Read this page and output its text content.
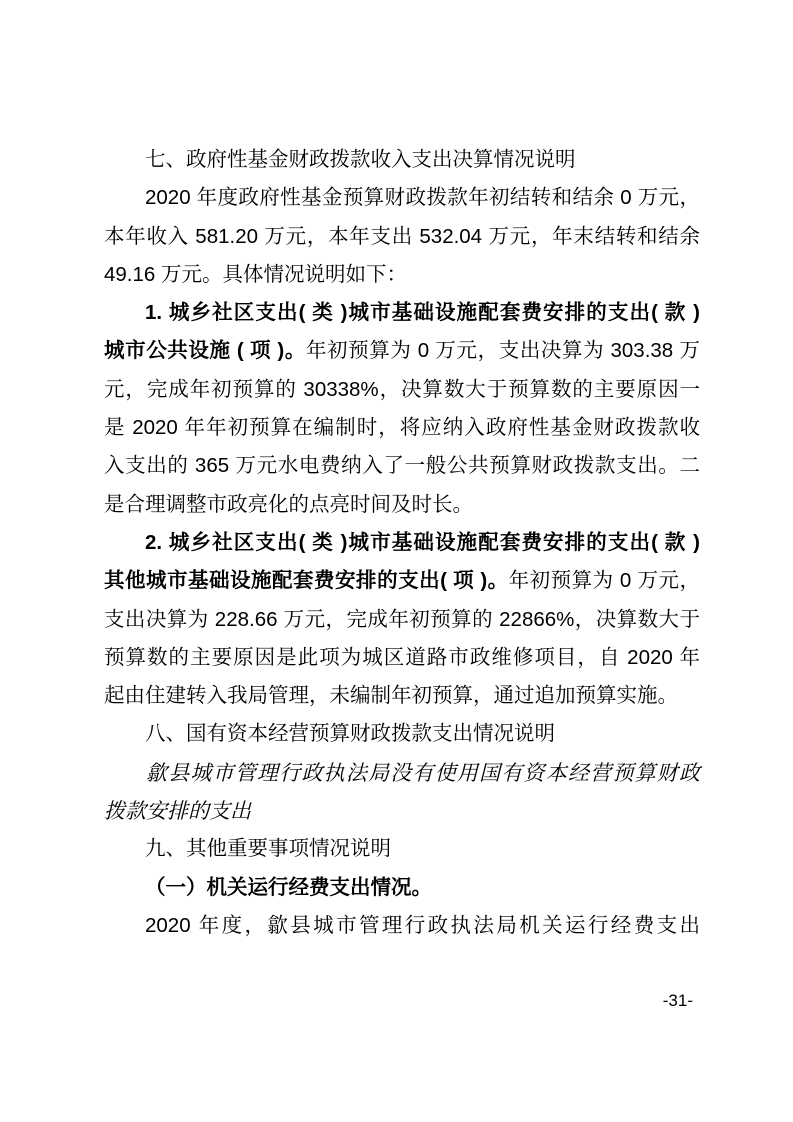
七、政府性基金财政拨款收入支出决算情况说明
2020 年度政府性基金预算财政拨款年初结转和结余 0 万元，
本年收入 581.20 万元，本年支出 532.04 万元，年末结转和结余
49.16 万元。具体情况说明如下：
1. 城乡社区支出( 类 )城市基础设施配套费安排的支出( 款 )
城市公共设施 ( 项 )。年初预算为 0 万元，支出决算为 303.38 万
元，完成年初预算的 30338%，决算数大于预算数的主要原因一
是 2020 年年初预算在编制时，将应纳入政府性基金财政拨款收
入支出的 365 万元水电费纳入了一般公共预算财政拨款支出。二
是合理调整市政亮化的点亮时间及时长。
2. 城乡社区支出( 类 )城市基础设施配套费安排的支出( 款 )
其他城市基础设施配套费安排的支出( 项 )。年初预算为 0 万元，
支出决算为 228.66 万元，完成年初预算的 22866%，决算数大于
预算数的主要原因是此项为城区道路市政维修项目，自 2020 年
起由住建转入我局管理，未编制年初预算，通过追加预算实施。
八、国有资本经营预算财政拨款支出情况说明
歙县城市管理行政执法局没有使用国有资本经营预算财政
拨款安排的支出
九、其他重要事项情况说明
（一）机关运行经费支出情况。
2020 年度，歙县城市管理行政执法局机关运行经费支出
-31-
